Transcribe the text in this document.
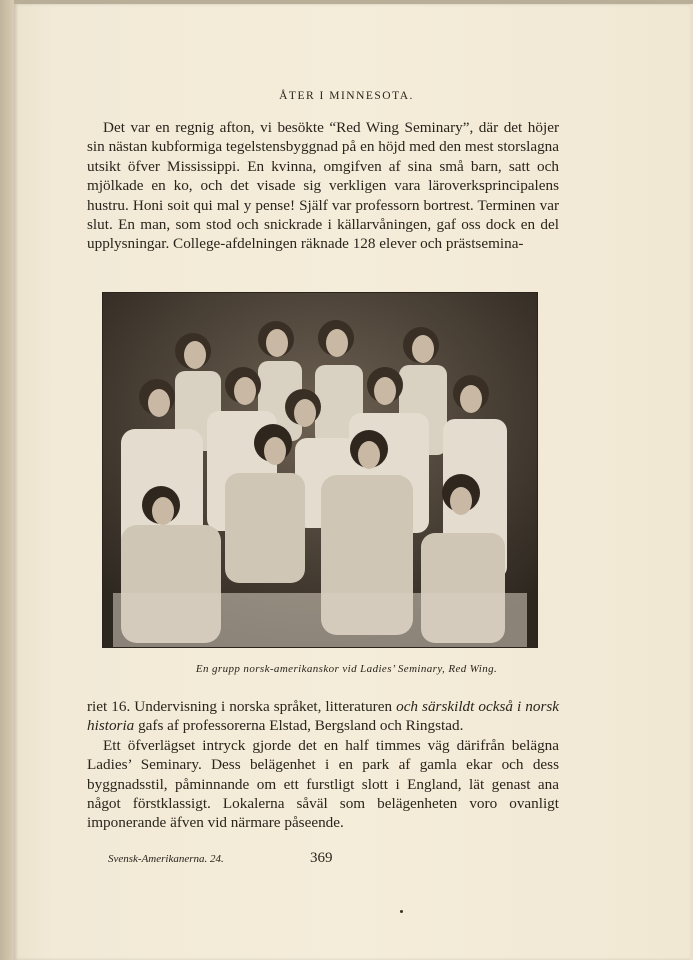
ÅTER I MINNESOTA.

Det var en regnig afton, vi besökte “Red Wing Seminary”, där det höjer sin nästan kubformiga tegelstensbyggnad på en höjd med den mest storslagna utsikt öfver Mississippi. En kvinna, omgifven af sina små barn, satt och mjölkade en ko, och det visade sig verkligen vara läroverksprincipalens hustru. Honi soit qui mal y pense! Själf var professorn bortrest. Terminen var slut. En man, som stod och snickrade i källarvåningen, gaf oss dock en del upplysningar. College-afdelningen räknade 128 elever och prästsemina-

En grupp norsk-amerikanskor vid Ladies’ Seminary, Red Wing.

riet 16. Undervisning i norska språket, litteraturen och särskildt också i norsk historia gafs af professorerna Elstad, Bergsland och Ringstad.

Ett öfverlägset intryck gjorde det en half timmes väg därifrån belägna Ladies’ Seminary. Dess belägenhet i en park af gamla ekar och dess byggnadsstil, påminnande om ett furstligt slott i England, lät genast ana något förstklassigt. Lokalerna såväl som belägenheten voro ovanligt imponerande äfven vid närmare påseende.

Svensk-Amerikanerna. 24.	369
